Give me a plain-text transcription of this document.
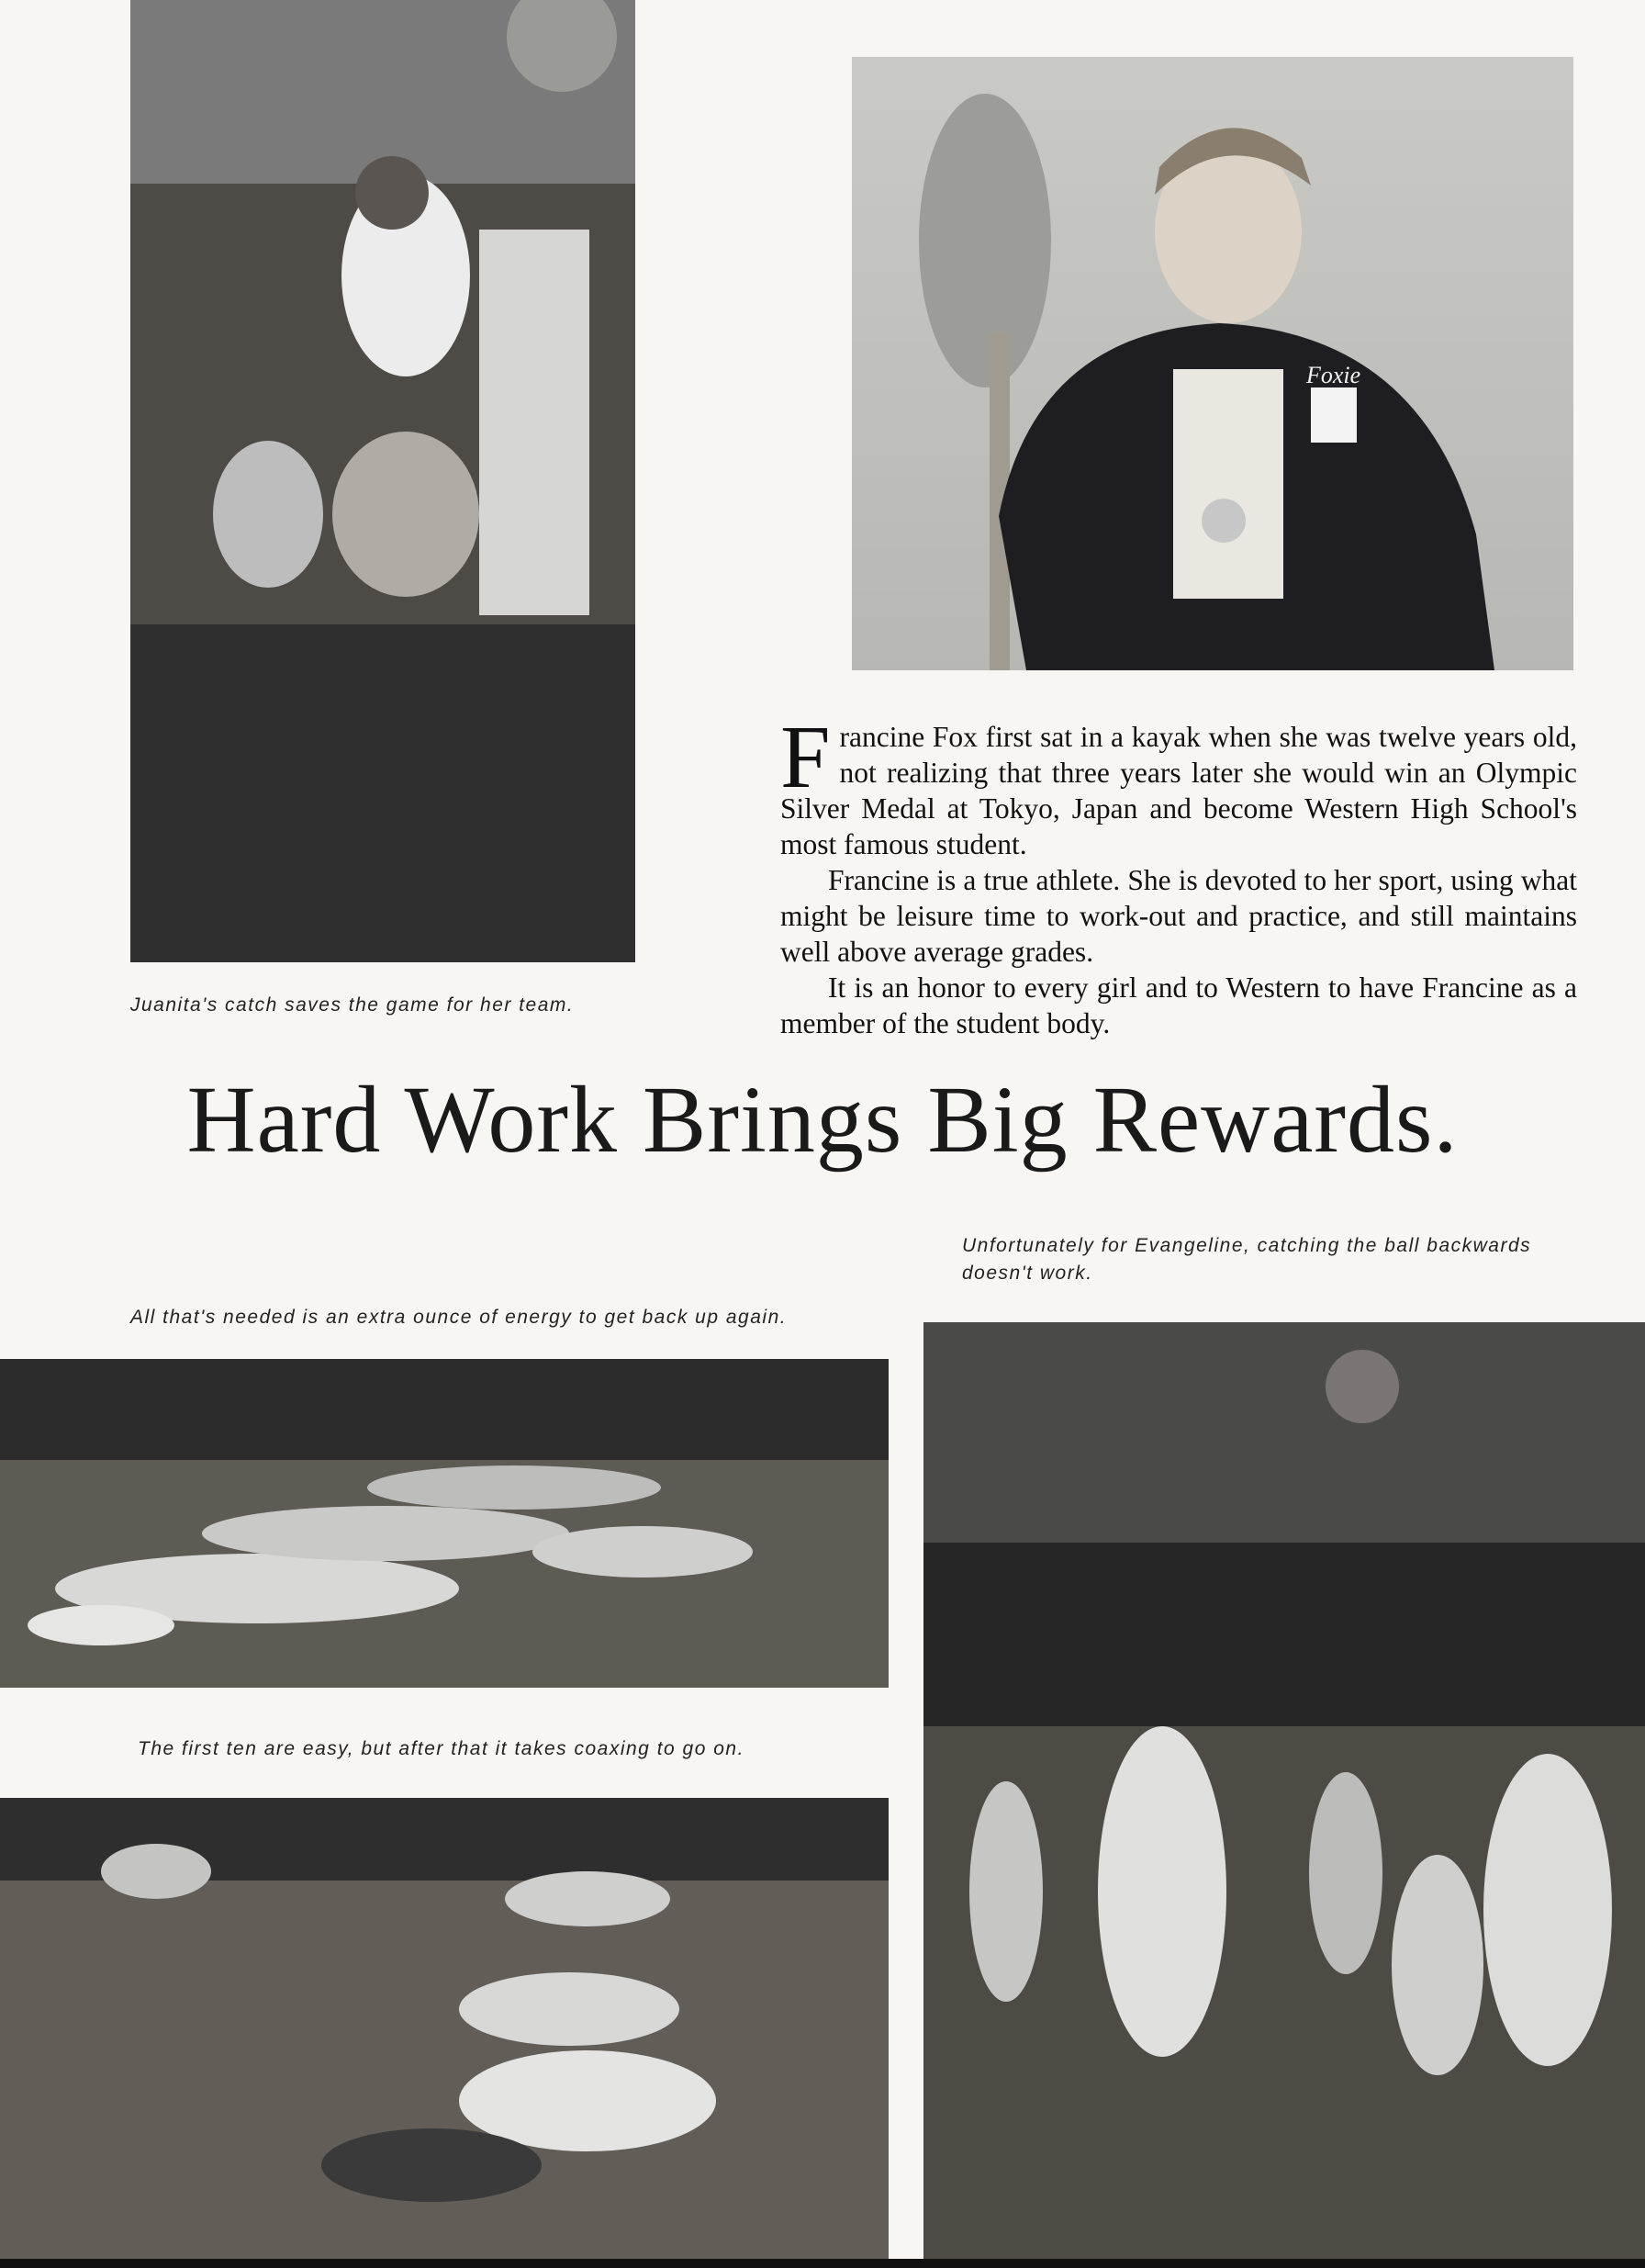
Juanita's catch saves the game for her team.
Foxie

Francine Fox first sat in a kayak when she was twelve years old, not realizing that three years later she would win an Olympic Silver Medal at Tokyo, Japan and become Western High School's most famous student.

Francine is a true athlete. She is devoted to her sport, using what might be leisure time to work-out and practice, and still maintains well above average grades.

It is an honor to every girl and to Western to have Francine as a member of the student body.

Hard Work Brings Big Rewards.
Unfortunately for Evangeline, catching the ball backwards doesn't work.
All that's needed is an extra ounce of energy to get back up again.
The first ten are easy, but after that it takes coaxing to go on.
